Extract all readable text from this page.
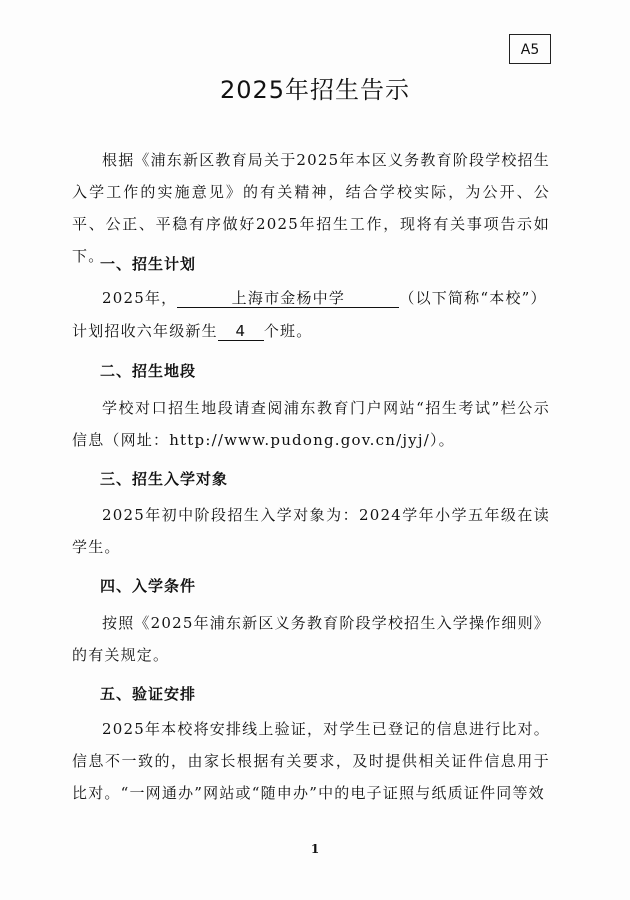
A5
2025年招生告示
根据《浦东新区教育局关于2025年本区义务教育阶段学校招生入学工作的实施意见》的有关精神，结合学校实际，为公开、公平、公正、平稳有序做好2025年招生工作，现将有关事项告示如下。
一、招生计划
2025年，	上海市金杨中学	（以下简称“本校”）
计划招收六年级新生 4 个班。
二、招生地段
学校对口招生地段请查阅浦东教育门户网站“招生考试”栏公示信息（网址：http://www.pudong.gov.cn/jyj/）。
三、招生入学对象
2025年初中阶段招生入学对象为：2024学年小学五年级在读学生。
四、入学条件
按照《2025年浦东新区义务教育阶段学校招生入学操作细则》的有关规定。
五、验证安排
2025年本校将安排线上验证，对学生已登记的信息进行比对。信息不一致的，由家长根据有关要求，及时提供相关证件信息用于比对。“一网通办”网站或“随申办”中的电子证照与纸质证件同等效
1
